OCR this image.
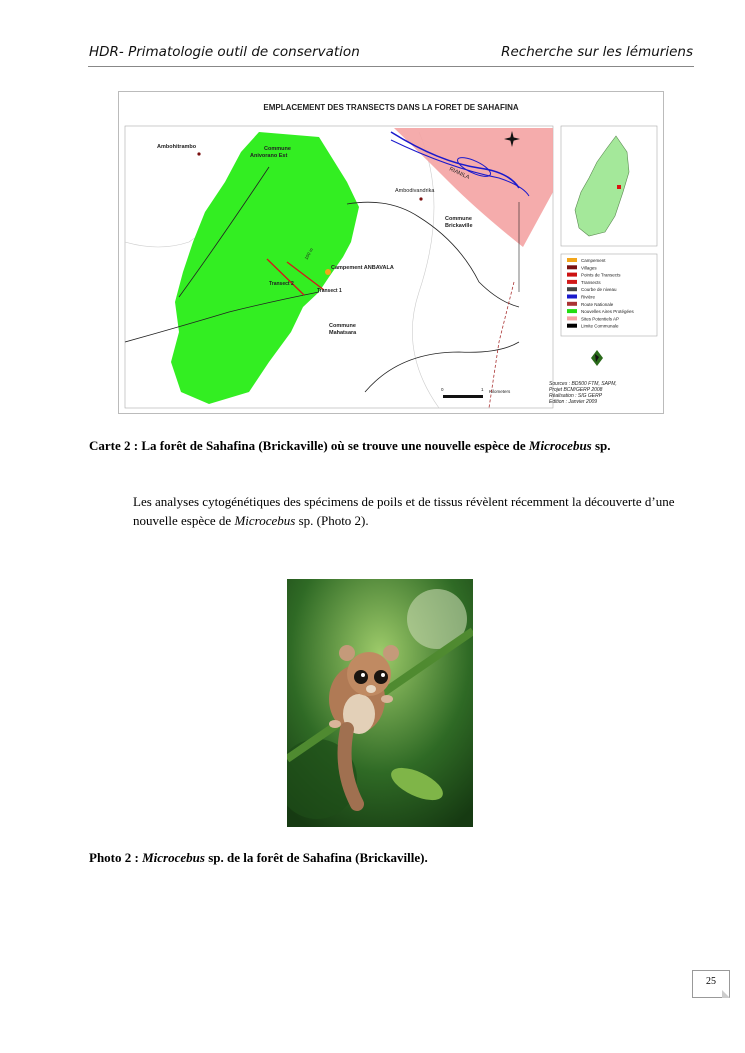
HDR- Primatologie outil de conservation	Recherche sur les lémuriens
EMPLACEMENT DES TRANSECTS DANS LA FORET DE SAHAFINA
RIANILA
Ambohitrambo	Commune Anivorano Est
Ambodivandrika
Commune Brickaville
Campement ANBAVALA
100 m
Transect 2
Transect 1
Commune Mahatsara
0	1 Kilometers
Campement
Villages
Points de Transects
Transects
Courbe de niveau
Rivière
Route Nationale
Nouvelles Aires Protégées
Sites Potentiels AP
Limite Communale
Sources : BD500 FTM, SAPM, Projet BCM/GERP 2008 Réalisation : SIG GERP Edition : Janvier 2009
Carte 2 : La forêt de Sahafina (Brickaville) où se trouve une nouvelle espèce de Microcebus sp.
Les analyses cytogénétiques des spécimens de poils et de tissus révèlent récemment la découverte d’une nouvelle espèce de Microcebus sp. (Photo 2).
Photo 2 : Microcebus sp. de la forêt de Sahafina (Brickaville).
25
